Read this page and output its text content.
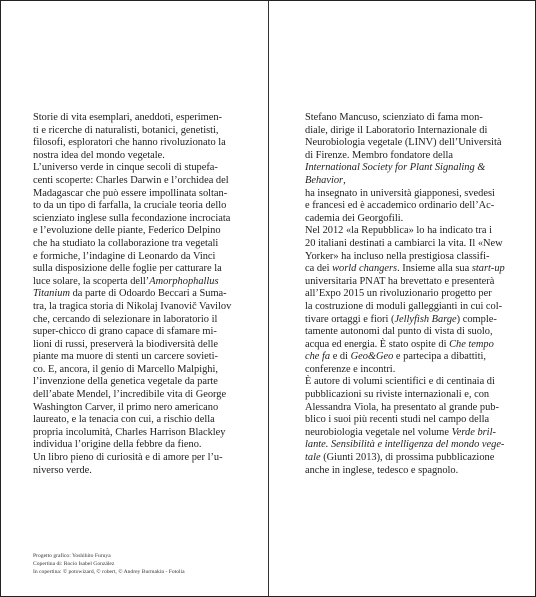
Storie di vita esemplari, aneddoti, esperimen-
ti e ricerche di naturalisti, botanici, genetisti,
filosofi, esploratori che hanno rivoluzionato la
nostra idea del mondo vegetale.

L’universo verde in cinque secoli di stupefa-
centi scoperte: Charles Darwin e l’orchidea del
Madagascar che può essere impollinata soltan-
to da un tipo di farfalla, la cruciale teoria dello
scienziato inglese sulla fecondazione incrociata
e l’evoluzione delle piante, Federico Delpino
che ha studiato la collaborazione tra vegetali
e formiche, l’indagine di Leonardo da Vinci
sulla disposizione delle foglie per catturare la
luce solare, la scoperta dell’Amorphophallus
Titanium da parte di Odoardo Beccari a Suma-
tra, la tragica storia di Nikolaj Ivanovič Vavilov
che, cercando di selezionare in laboratorio il
super-chicco di grano capace di sfamare mi-
lioni di russi, preserverà la biodiversità delle
piante ma muore di stenti un carcere sovieti-
co. E, ancora, il genio di Marcello Malpighi,
l’invenzione della genetica vegetale da parte
dell’abate Mendel, l’incredibile vita di George
Washington Carver, il primo nero americano
laureato, e la tenacia con cui, a rischio della
propria incolumità, Charles Harrison Blackley
individua l’origine della febbre da fieno.

Un libro pieno di curiosità e di amore per l’u-
niverso verde.

Stefano Mancuso, scienziato di fama mon-
diale, dirige il Laboratorio Internazionale di
Neurobiologia vegetale (LINV) dell’Università
di Firenze. Membro fondatore della International Society for Plant Signaling & Behavior,
ha insegnato in università giapponesi, svedesi
e francesi ed è accademico ordinario dell’Ac-
cademia dei Georgofili.
Nel 2012 «la Repubblica» lo ha indicato tra i
20 italiani destinati a cambiarci la vita. Il «New
Yorker» ha incluso nella prestigiosa classifi-
ca dei world changers. Insieme alla sua start-up
universitaria PNAT ha brevettato e presenterà
all’Expo 2015 un rivoluzionario progetto per
la costruzione di moduli galleggianti in cui col-
tivare ortaggi e fiori (Jellyfish Barge) comple-
tamente autonomi dal punto di vista di suolo,
acqua ed energia. È stato ospite di Che tempo
che fa e di Geo&Geo e partecipa a dibattiti,
conferenze e incontri.
È autore di volumi scientifici e di centinaia di
pubblicazioni su riviste internazionali e, con
Alessandra Viola, ha presentato al grande pub-
blico i suoi più recenti studi nel campo della
neurobiologia vegetale nel volume Verde bril-
lante. Sensibilità e intelligenza del mondo vege-
tale (Giunti 2013), di prossima pubblicazione
anche in inglese, tedesco e spagnolo.

Progetto grafico: Yoshihito Furuya
Copertina di: Rocío Isabel González
In copertina: © potowizard, © robert, © Andrey Burmakin - Fotolia
